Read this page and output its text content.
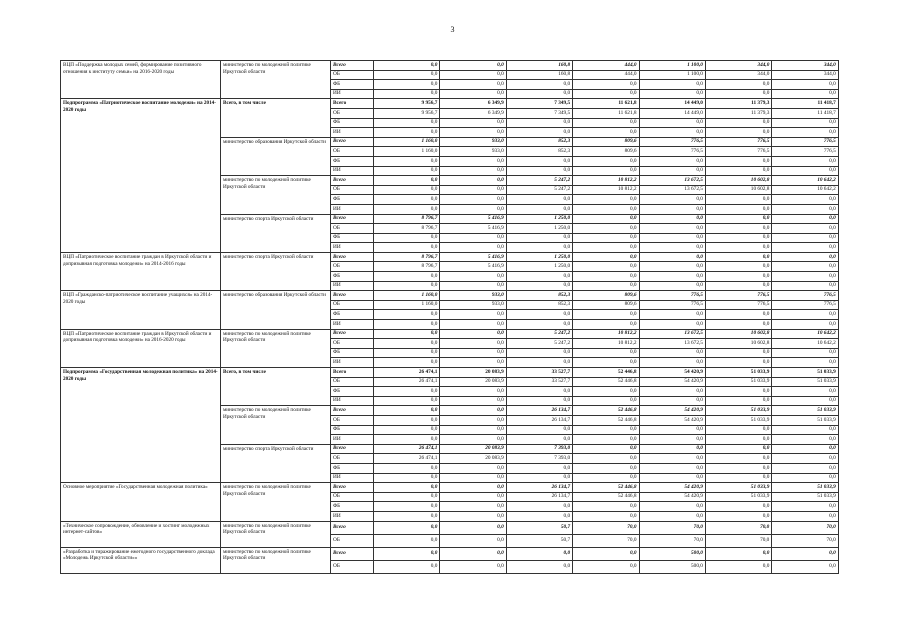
3
ВЦП «Поддержка молодых семей, формирование позитивного отношения к институту семьи» на 2016-2020 годы	министерство по молодежной политике Иркутской области	Всего	0,0	0,0	160,8	444,0	1 100,0	344,0	344,0
		ОБ	0,0	0,0	160,8	444,0	1 100,0	344,0	344,0
		ФБ	0,0	0,0	0,0	0,0	0,0	0,0	0,0
		ИИ	0,0	0,0	0,0	0,0	0,0	0,0	0,0
Подпрограмма «Патриотическое воспитание молодежи» на 2014-2020 годы	Всего, в том числе	Всего	9 956,7	6 349,9	7 349,5	11 621,8	14 449,0	11 379,3	11 418,7
		ОБ	9 956,7	6 349,9	7 349,5	11 621,8	14 449,0	11 379,3	11 418,7
		ФБ	0,0	0,0	0,0	0,0	0,0	0,0	0,0
		ИИ	0,0	0,0	0,0	0,0	0,0	0,0	0,0
	министерство образования Иркутской области	Всего	1 160,0	933,0	852,3	809,6	776,5	776,5	776,5
		ОБ	1 160,0	933,0	852,3	809,6	776,5	776,5	776,5
		ФБ	0,0	0,0	0,0	0,0	0,0	0,0	0,0
		ИИ	0,0	0,0	0,0	0,0	0,0	0,0	0,0
	министерство по молодежной политике Иркутской области	Всего	0,0	0,0	5 247,2	10 812,2	13 672,5	10 602,8	10 642,2
		ОБ	0,0	0,0	5 247,2	10 812,2	13 672,5	10 602,8	10 642,2
		ФБ	0,0	0,0	0,0	0,0	0,0	0,0	0,0
		ИИ	0,0	0,0	0,0	0,0	0,0	0,0	0,0
	министерство спорта Иркутской области	Всего	8 796,7	5 416,9	1 250,0	0,0	0,0	0,0	0,0
		ОБ	8 796,7	5 416,9	1 250,0	0,0	0,0	0,0	0,0
		ФБ	0,0	0,0	0,0	0,0	0,0	0,0	0,0
		ИИ	0,0	0,0	0,0	0,0	0,0	0,0	0,0
ВЦП «Патриотическое воспитание граждан в Иркутской области и допризывная подготовка молодежи» на 2014-2016 годы	министерство спорта Иркутской области	Всего	8 796,7	5 416,9	1 250,0	0,0	0,0	0,0	0,0
		ОБ	8 796,7	5 416,9	1 250,0	0,0	0,0	0,0	0,0
		ФБ	0,0	0,0	0,0	0,0	0,0	0,0	0,0
		ИИ	0,0	0,0	0,0	0,0	0,0	0,0	0,0
ВЦП «Гражданско-патриотическое воспитание учащихся» на 2014-2020 годы	министерство образования Иркутской области	Всего	1 160,0	933,0	852,3	809,6	776,5	776,5	776,5
		ОБ	1 160,0	933,0	852,3	809,6	776,5	776,5	776,5
		ФБ	0,0	0,0	0,0	0,0	0,0	0,0	0,0
		ИИ	0,0	0,0	0,0	0,0	0,0	0,0	0,0
ВЦП «Патриотическое воспитание граждан в Иркутской области и допризывная подготовка молодежи» на 2016-2020 годы	министерство по молодежной политике Иркутской области	Всего	0,0	0,0	5 247,2	10 812,2	13 672,5	10 602,8	10 642,2
		ОБ	0,0	0,0	5 247,2	10 812,2	13 672,5	10 602,8	10 642,2
		ФБ	0,0	0,0	0,0	0,0	0,0	0,0	0,0
		ИИ	0,0	0,0	0,0	0,0	0,0	0,0	0,0
Подпрограмма «Государственная молодежная политика» на 2014-2020 годы	Всего, в том числе	Всего	26 474,1	20 083,9	33 527,7	52 446,8	54 420,9	51 033,9	51 033,9
		ОБ	26 474,1	20 083,9	33 527,7	52 446,8	54 420,9	51 033,9	51 033,9
		ФБ	0,0	0,0	0,0	0,0	0,0	0,0	0,0
		ИИ	0,0	0,0	0,0	0,0	0,0	0,0	0,0
	министерство по молодежной политике Иркутской области	Всего	0,0	0,0	26 134,7	52 446,8	54 420,9	51 033,9	51 033,9
		ОБ	0,0	0,0	26 134,7	52 446,8	54 420,9	51 033,9	51 033,9
		ФБ	0,0	0,0	0,0	0,0	0,0	0,0	0,0
		ИИ	0,0	0,0	0,0	0,0	0,0	0,0	0,0
	министерство спорта Иркутской области	Всего	26 474,1	20 083,9	7 393,0	0,0	0,0	0,0	0,0
		ОБ	26 474,1	20 083,9	7 393,0	0,0	0,0	0,0	0,0
		ФБ	0,0	0,0	0,0	0,0	0,0	0,0	0,0
		ИИ	0,0	0,0	0,0	0,0	0,0	0,0	0,0
Основное мероприятие «Государственная молодежная политика»	министерство по молодежной политике Иркутской области	Всего	0,0	0,0	26 134,7	52 446,8	54 420,9	51 033,9	51 033,9
		ОБ	0,0	0,0	26 134,7	52 446,8	54 420,9	51 033,9	51 033,9
		ФБ	0,0	0,0	0,0	0,0	0,0	0,0	0,0
		ИИ	0,0	0,0	0,0	0,0	0,0	0,0	0,0
«Техническое сопровождение, обновление и хостинг молодежных интернет-сайтов»	министерство по молодежной политике Иркутской области	Всего	0,0	0,0	50,7	70,0	70,0	70,0	70,0
		ОБ	0,0	0,0	50,7	70,0	70,0	70,0	70,0
«Разработка и тиражирование ежегодного государственного доклада «Молодежь Иркутской области»»	министерство по молодежной политике Иркутской области	Всего	0,0	0,0	0,0	0,0	500,0	0,0	0,0
		ОБ	0,0	0,0	0,0	0,0	500,0	0,0	0,0
